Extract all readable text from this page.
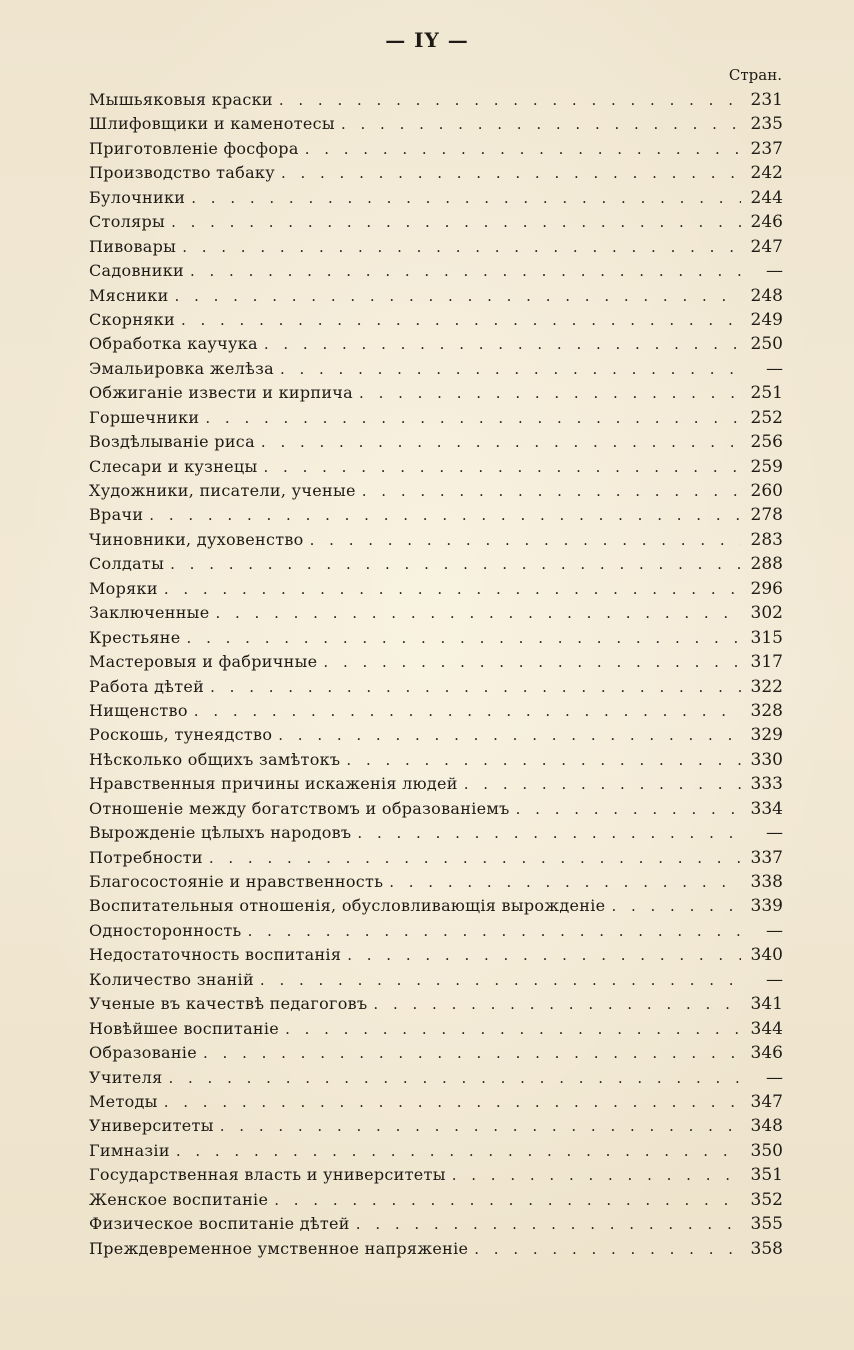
— IY —
Стран.
Мышьяковыя краски . . .	231
Шлифовщики и каменотесы . . .	235
Приготовленіе фосфора . . .	237
Производство табаку . . .	242
Булочники . . .	244
Столяры . . .	246
Пивовары . . .	247
Садовники . . .	—
Мясники . . .	248
Скорняки . . .	249
Обработка каучука . . .	250
Эмальировка желѣза . . .	—
Обжиганіе извести и кирпича . . .	251
Горшечники . . .	252
Воздѣлываніе риса . . .	256
Слесари и кузнецы . . .	259
Художники, писатели, ученые . . .	260
Врачи . . .	278
Чиновники, духовенство . . .	283
Солдаты . . .	288
Моряки . . .	296
Заключенные . . .	302
Крестьяне . . .	315
Мастеровыя и фабричные . . .	317
Работа дѣтей . . .	322
Нищенство . . .	328
Роскошь, тунеядство . . .	329
Нѣсколько общихъ замѣтокъ . . .	330
Нравственныя причины искаженія людей . . .	333
Отношеніе между богатствомъ и образованіемъ . . .	334
Вырожденіе цѣлыхъ народовъ . . .	—
Потребности . . .	337
Благосостояніе и нравственность . . .	338
Воспитательныя отношенія, обусловливающія вырожденіе . . .	339
Односторонность . . .	—
Недостаточность воспитанія . . .	340
Количество знаній . . .	—
Ученые въ качествѣ педагоговъ . . .	341
Новѣйшее воспитаніе . . .	344
Образованіе . . .	346
Учителя . . .	—
Методы . . .	347
Университеты . . .	348
Гимназіи . . .	350
Государственная власть и университеты . . .	351
Женское воспитаніе . . .	352
Физическое воспитаніе дѣтей . . .	355
Преждевременное умственное напряженіе . . .	358
